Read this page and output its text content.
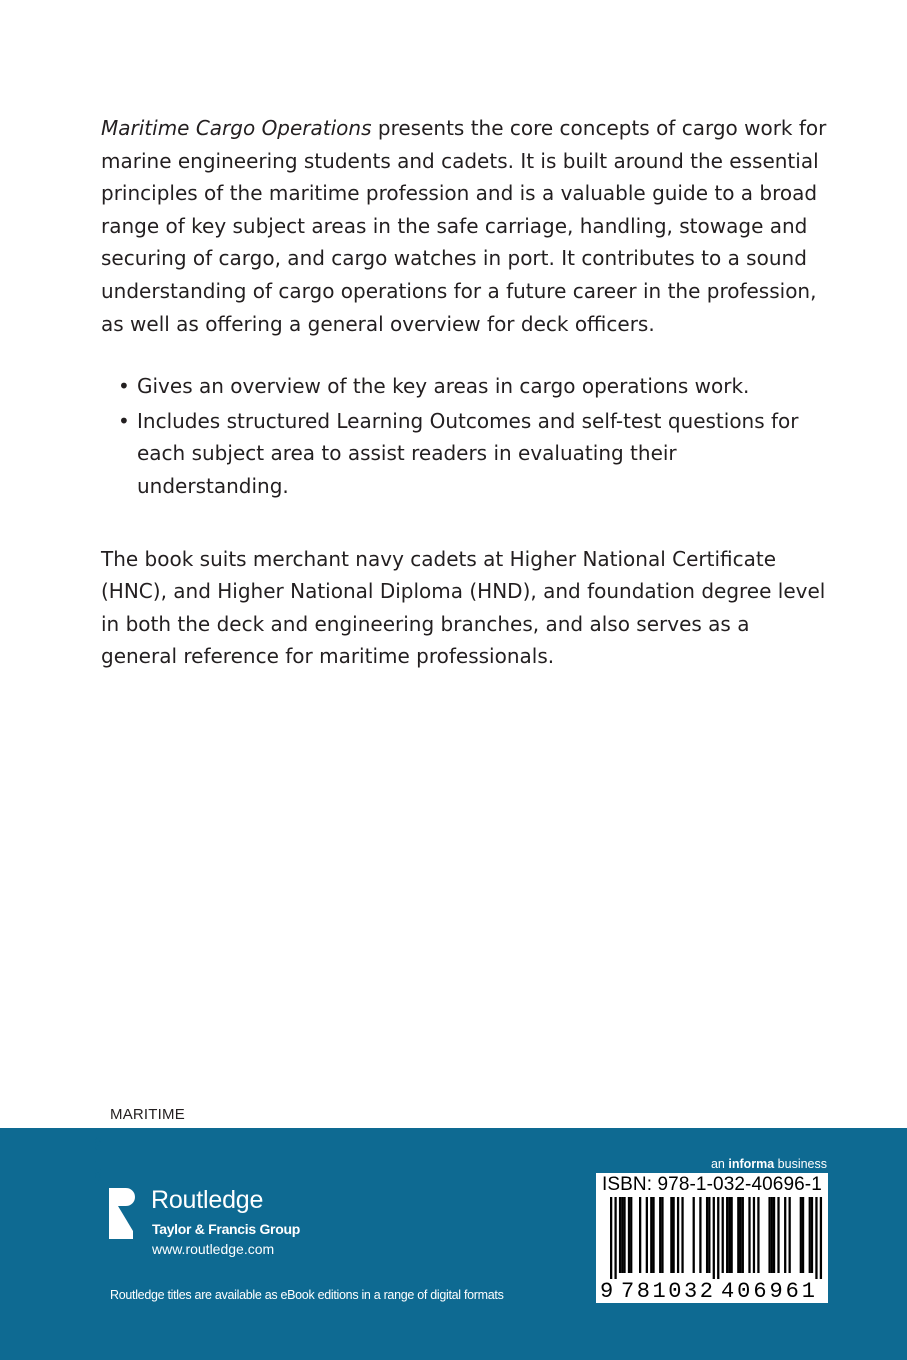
Maritime Cargo Operations presents the core concepts of cargo work for marine engineering students and cadets. It is built around the essential principles of the maritime profession and is a valuable guide to a broad range of key subject areas in the safe carriage, handling, stowage and securing of cargo, and cargo watches in port. It contributes to a sound understanding of cargo operations for a future career in the profession, as well as offering a general overview for deck officers.

• Gives an overview of the key areas in cargo operations work.
• Includes structured Learning Outcomes and self-test questions for each subject area to assist readers in evaluating their understanding.

The book suits merchant navy cadets at Higher National Certificate (HNC), and Higher National Diploma (HND), and foundation degree level in both the deck and engineering branches, and also serves as a general reference for maritime professionals.

MARITIME
ROUTLEDGE
Routledge
Taylor & Francis Group
www.routledge.com
Routledge titles are available as eBook editions in a range of digital formats
an informa business
ISBN: 978-1-032-40696-1
9 781032 406961
